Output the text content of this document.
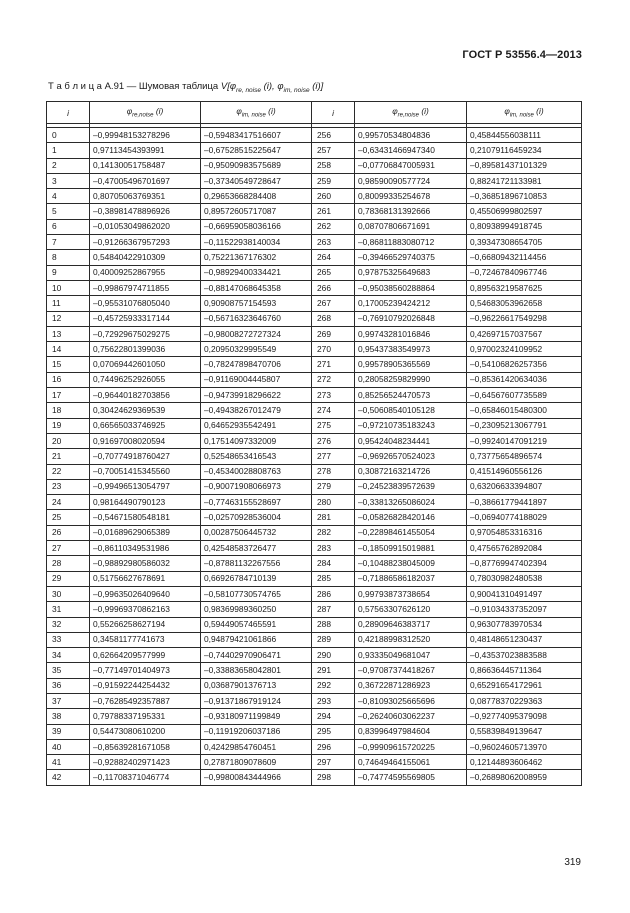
ГОСТ Р 53556.4—2013
Т а б л и ц а А.91 — Шумовая таблица $V[\varphi_{re, noise}$ (i), $\varphi_{im, noise}$ (i)]
i	$\varphi_{re,noise}$ (i)	$\varphi_{im, noise}$ (i)	i	$\varphi_{re,noise}$ (i)	$\varphi_{im, noise}$ (i)

0	–0,99948153278296	–0,59483417516607	256	0,99570534804836	0,45844556038111
1	0,97113454393991	–0,67528515225647	257	–0,63431466947340	0,21079116459234
2	0,14130051758487	–0,95090983575689	258	–0,07706847005931	–0,89581437101329
3	–0,47005496701697	–0,37340549728647	259	0,98590090577724	0,88241721133981
4	0,80705063769351	0,29653668284408	260	0,80099335254678	–0,36851896710853
5	–0,38981478896926	0,89572605717087	261	0,78368131392666	0,45506999802597
6	–0,01053049862020	–0,66959058036166	262	0,08707806671691	0,80938994918745
7	–0,91266367957293	–0,11522938140034	263	–0,86811883080712	0,39347308654705
8	0,54840422910309	0,75221367176302	264	–0,39466529740375	–0,66809432114456
9	0,40009252867955	–0,98929400334421	265	0,97875325649683	–0,72467840967746
10	–0,99867974711855	–0,88147068645358	266	–0,95038560288864	0,89563219587625
11	–0,95531076805040	0,90908757154593	267	0,17005239424212	0,54683053962658
12	–0,45725933317144	–0,56716323646760	268	–0,76910792026848	–0,96226617549298
13	–0,72929675029275	–0,98008272727324	269	0,99743281016846	0,42697157037567
14	0,75622801399036	0,20950329995549	270	0,95437383549973	0,97002324109952
15	0,07069442601050	–0,78247898470706	271	0,99578905365569	–0,54106826257356
16	0,74496252926055	–0,91169004445807	272	0,28058259829990	–0,85361420634036
17	–0,96440182703856	–0,94739918296622	273	0,85256524470573	–0,64567607735589
18	0,30424629369539	–0,49438267012479	274	–0,50608540105128	–0,65846015480300
19	0,66565033746925	0,64652935542491	275	–0,97210735183243	–0,23095213067791
20	0,91697008020594	0,17514097332009	276	0,95424048234441	–0,99240147091219
21	–0,70774918760427	0,52548653416543	277	–0,96926570524023	0,73775654896574
22	–0,70051415345560	–0,45340028808763	278	0,30872163214726	0,41514960556126
23	–0,99496513054797	–0,90071908066973	279	–0,24523839572639	0,63206633394807
24	0,98164490790123	–0,77463155528697	280	–0,33813265086024	–0,38661779441897
25	–0,54671580548181	–0,02570928536004	281	–0,05826828420146	–0,06940774188029
26	–0,01689629065389	0,00287506445732	282	–0,22898461455054	0,97054853316316
27	–0,86110349531986	0,42548583726477	283	–0,18509915019881	0,47565762892084
28	–0,98892980586032	–0,87881132267556	284	–0,10488238045009	–0,87769947402394
29	0,51756627678691	0,66926784710139	285	–0,71886586182037	0,78030982480538
30	–0,99635026409640	–0,58107730574765	286	0,99793873738654	0,90041310491497
31	–0,99969370862163	0,98369989360250	287	0,57563307626120	–0,91034337352097
32	0,55266258627194	0,59449057465591	288	0,28909646383717	0,96307783970534
33	0,34581177741673	0,94879421061866	289	0,42188998312520	0,48148651230437
34	0,62664209577999	–0,74402970906471	290	0,93335049681047	–0,43537023883588
35	–0,77149701404973	–0,33883658042801	291	–0,97087374418267	0,86636445711364
36	–0,91592244254432	0,03687901376713	292	0,36722871286923	0,65291654172961
37	–0,76285492357887	–0,91371867919124	293	–0,81093025665696	0,08778370229363
38	0,79788337195331	–0,93180971199849	294	–0,26240603062237	–0,92774095379098
39	0,54473080610200	–0,11919206037186	295	0,83996497984604	0,55839849139647
40	–0,85639281671058	0,42429854760451	296	–0,99909615720225	–0,96024605713970
41	–0,92882402971423	0,27871809078609	297	0,74649464155061	0,12144893606462
42	–0,11708371046774	–0,99800843444966	298	–0,74774595569805	–0,26898062008959
319
